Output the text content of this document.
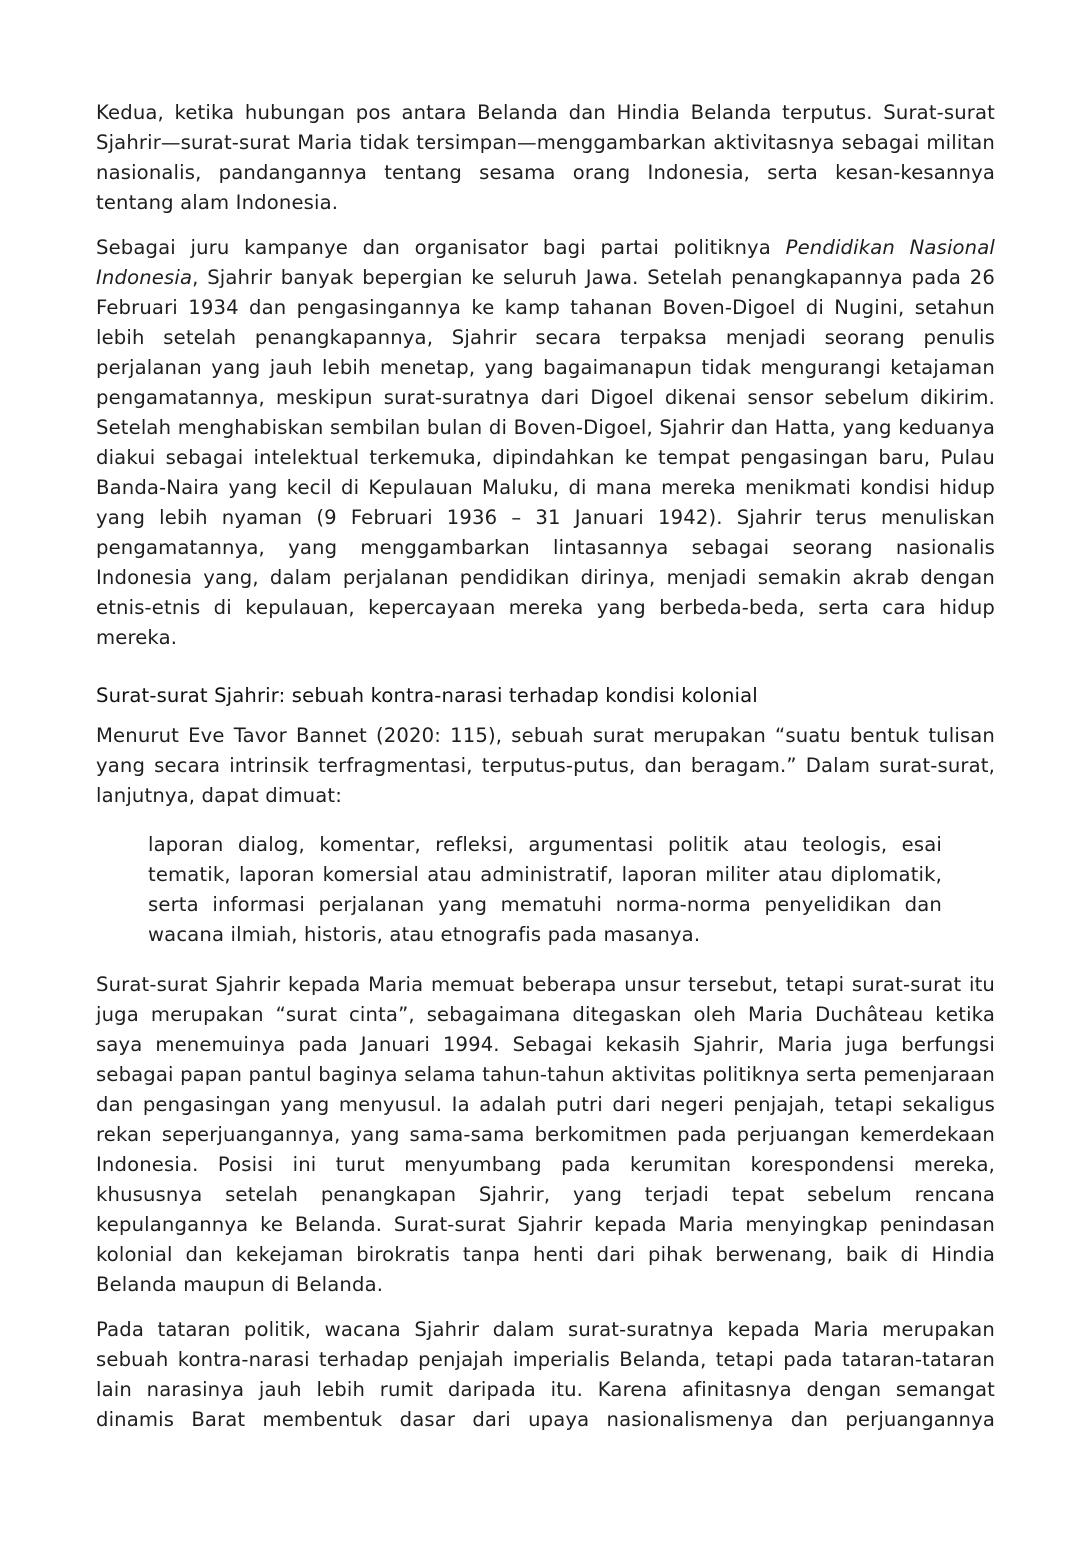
Kedua, ketika hubungan pos antara Belanda dan Hindia Belanda terputus. Surat-surat Sjahrir—surat-surat Maria tidak tersimpan—menggambarkan aktivitasnya sebagai militan nasionalis, pandangannya tentang sesama orang Indonesia, serta kesan-kesannya tentang alam Indonesia.

Sebagai juru kampanye dan organisator bagi partai politiknya Pendidikan Nasional Indonesia, Sjahrir banyak bepergian ke seluruh Jawa. Setelah penangkapannya pada 26 Februari 1934 dan pengasingannya ke kamp tahanan Boven-Digoel di Nugini, setahun lebih setelah penangkapannya, Sjahrir secara terpaksa menjadi seorang penulis perjalanan yang jauh lebih menetap, yang bagaimanapun tidak mengurangi ketajaman pengamatannya, meskipun surat-suratnya dari Digoel dikenai sensor sebelum dikirim. Setelah menghabiskan sembilan bulan di Boven-Digoel, Sjahrir dan Hatta, yang keduanya diakui sebagai intelektual terkemuka, dipindahkan ke tempat pengasingan baru, Pulau Banda-Naira yang kecil di Kepulauan Maluku, di mana mereka menikmati kondisi hidup yang lebih nyaman (9 Februari 1936 – 31 Januari 1942). Sjahrir terus menuliskan pengamatannya, yang menggambarkan lintasannya sebagai seorang nasionalis Indonesia yang, dalam perjalanan pendidikan dirinya, menjadi semakin akrab dengan etnis-etnis di kepulauan, kepercayaan mereka yang berbeda-beda, serta cara hidup mereka.

Surat-surat Sjahrir: sebuah kontra-narasi terhadap kondisi kolonial

Menurut Eve Tavor Bannet (2020: 115), sebuah surat merupakan “suatu bentuk tulisan yang secara intrinsik terfragmentasi, terputus-putus, dan beragam.” Dalam surat-surat, lanjutnya, dapat dimuat:

laporan dialog, komentar, refleksi, argumentasi politik atau teologis, esai tematik, laporan komersial atau administratif, laporan militer atau diplomatik, serta informasi perjalanan yang mematuhi norma-norma penyelidikan dan wacana ilmiah, historis, atau etnografis pada masanya.

Surat-surat Sjahrir kepada Maria memuat beberapa unsur tersebut, tetapi surat-surat itu juga merupakan “surat cinta”, sebagaimana ditegaskan oleh Maria Duchâteau ketika saya menemuinya pada Januari 1994. Sebagai kekasih Sjahrir, Maria juga berfungsi sebagai papan pantul baginya selama tahun-tahun aktivitas politiknya serta pemenjaraan dan pengasingan yang menyusul. Ia adalah putri dari negeri penjajah, tetapi sekaligus rekan seperjuangannya, yang sama-sama berkomitmen pada perjuangan kemerdekaan Indonesia. Posisi ini turut menyumbang pada kerumitan korespondensi mereka, khususnya setelah penangkapan Sjahrir, yang terjadi tepat sebelum rencana kepulangannya ke Belanda. Surat-surat Sjahrir kepada Maria menyingkap penindasan kolonial dan kekejaman birokratis tanpa henti dari pihak berwenang, baik di Hindia Belanda maupun di Belanda.

Pada tataran politik, wacana Sjahrir dalam surat-suratnya kepada Maria merupakan sebuah kontra-narasi terhadap penjajah imperialis Belanda, tetapi pada tataran-tataran lain narasinya jauh lebih rumit daripada itu. Karena afinitasnya dengan semangat dinamis Barat membentuk dasar dari upaya nasionalismenya dan perjuangannya
